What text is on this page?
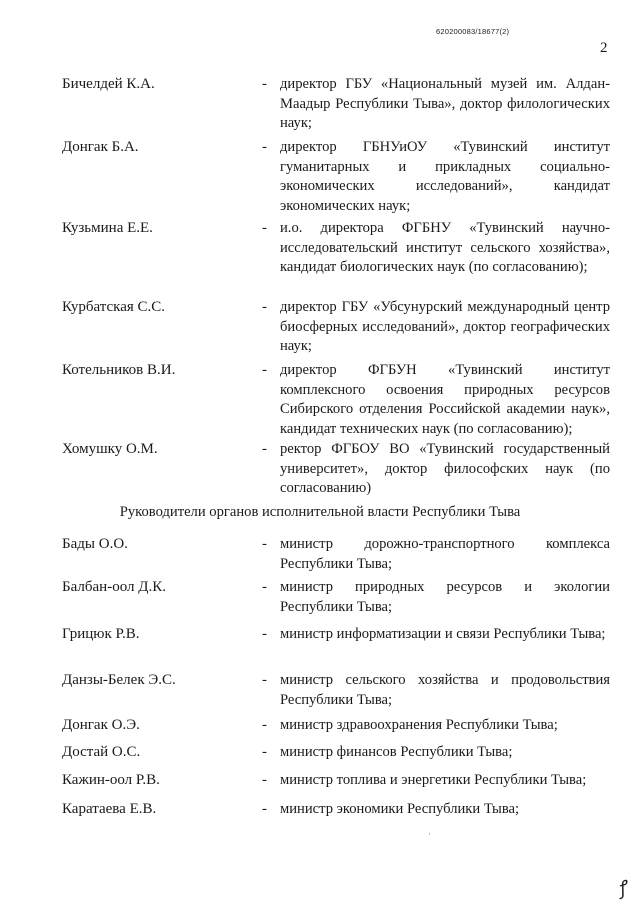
620200083/18677(2)
2
Бичелдей К.А.	- директор ГБУ «Национальный музей им. Алдан-Маадыр Республики Тыва», доктор филологических наук;
Донгак Б.А.	- директор ГБНУиОУ «Тувинский институт гуманитарных и прикладных социально-экономических исследований», кандидат экономических наук;
Кузьмина Е.Е.	- и.о. директора ФГБНУ «Тувинский научно-исследовательский институт сельского хозяйства», кандидат биологических наук (по согласованию);
Курбатская С.С.	- директор ГБУ «Убсунурский международный центр биосферных исследований», доктор географических наук;
Котельников В.И.	- директор ФГБУН «Тувинский институт комплексного освоения природных ресурсов Сибирского отделения Российской академии наук», кандидат технических наук (по согласованию);
Хомушку О.М.	- ректор ФГБОУ ВО «Тувинский государственный университет», доктор философских наук (по согласованию)
Руководители органов исполнительной власти Республики Тыва
Бады О.О.	- министр дорожно-транспортного комплекса Республики Тыва;
Балбан-оол Д.К.	- министр природных ресурсов и экологии Республики Тыва;
Грицюк Р.В.	- министр информатизации и связи Республики Тыва;
Данзы-Белек Э.С.	- министр сельского хозяйства и продовольствия Республики Тыва;
Донгак О.Э.	- министр здравоохранения Республики Тыва;
Достай О.С.	- министр финансов Республики Тыва;
Кажин-оол Р.В.	- министр топлива и энергетики Республики Тыва;
Каратаева Е.В.	- министр экономики Республики Тыва;
·
ꝭ
